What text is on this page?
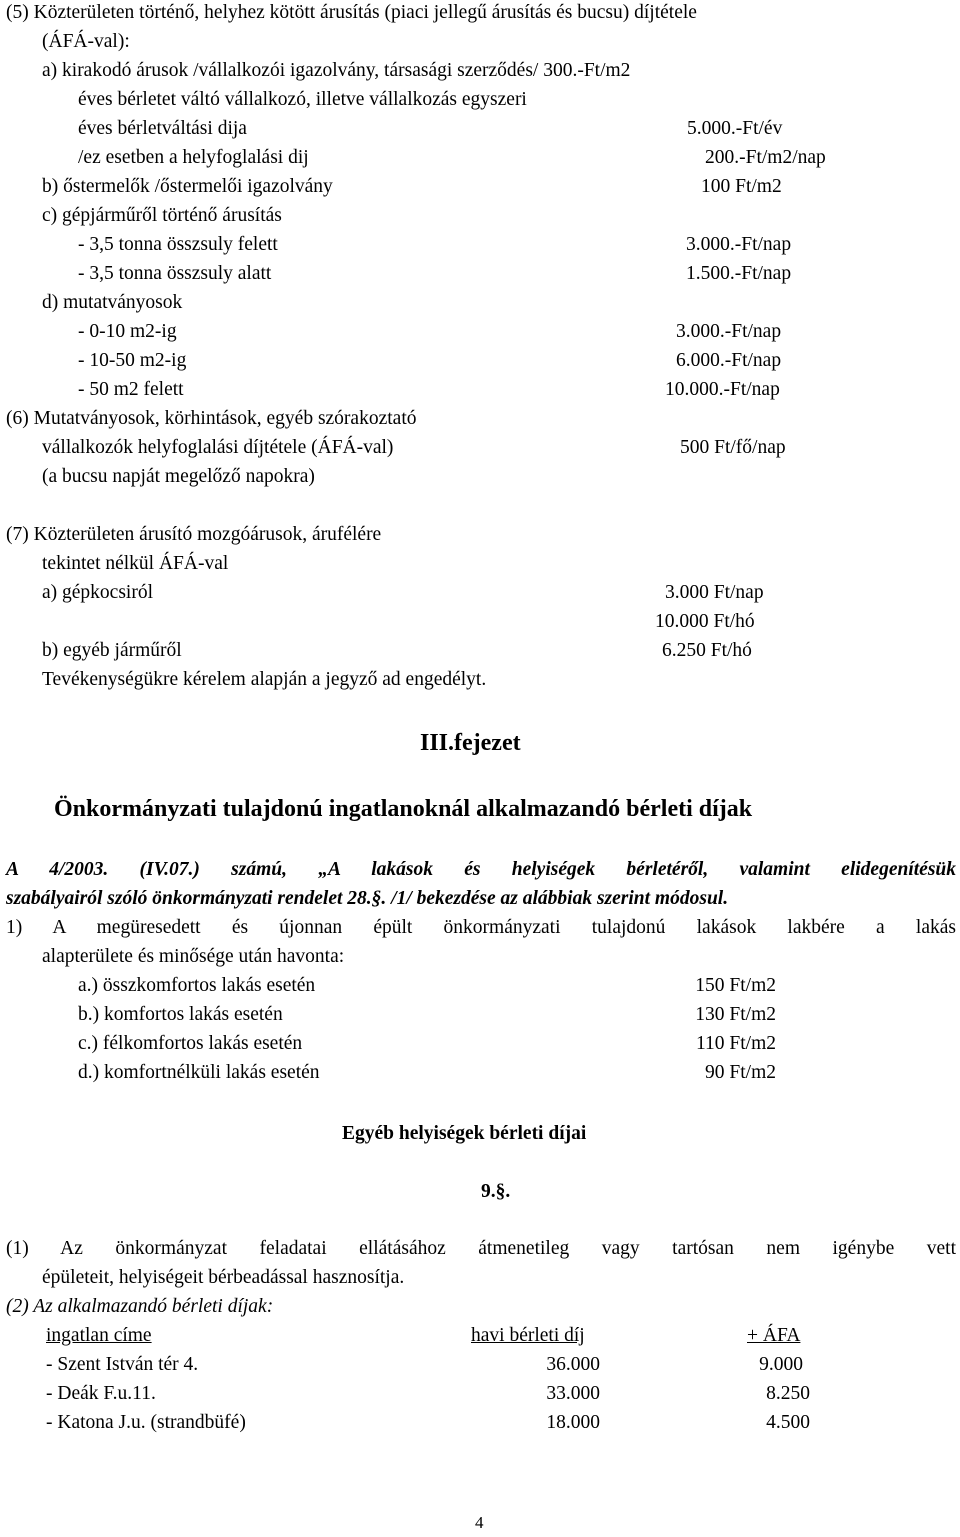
(5) Közterületen történő, helyhez kötött árusítás (piaci jellegű árusítás és bucsu) díjtétele
(ÁFÁ-val):
a) kirakodó árusok /vállalkozói igazolvány, társasági szerződés/ 300.-Ft/m2
éves bérletet váltó vállalkozó, illetve vállalkozás egyszeri
éves bérletváltási dija	5.000.-Ft/év
/ez esetben a helyfoglalási dij	200.-Ft/m2/nap
b) őstermelők /őstermelői igazolvány	100 Ft/m2
c) gépjárműről történő árusítás
- 3,5 tonna összsuly felett	3.000.-Ft/nap
- 3,5 tonna összsuly alatt	1.500.-Ft/nap
d) mutatványosok
- 0-10 m2-ig	3.000.-Ft/nap
- 10-50 m2-ig	6.000.-Ft/nap
- 50 m2 felett	10.000.-Ft/nap
(6) Mutatványosok, körhintások, egyéb szórakoztató
vállalkozók helyfoglalási díjtétele (ÁFÁ-val)	500 Ft/fő/nap
(a bucsu napját megelőző napokra)
(7) Közterületen árusító mozgóárusok, árufélére
tekintet nélkül ÁFÁ-val
a) gépkocsiról	3.000 Ft/nap
10.000 Ft/hó
b) egyéb járműről	6.250 Ft/hó
Tevékenységükre kérelem alapján a jegyző ad engedélyt.
III.fejezet
Önkormányzati tulajdonú ingatlanoknál alkalmazandó bérleti díjak
A 4/2003. (IV.07.) számú, „A lakások és helyiségek bérletéről, valamint elidegenítésük
szabályairól szóló önkormányzati rendelet 28.§. /1/ bekezdése az alábbiak szerint módosul.
1) A megüresedett és újonnan épült önkormányzati tulajdonú lakások lakbére a lakás
alapterülete és minősége után havonta:
a.) összkomfortos lakás esetén	150 Ft/m2
b.) komfortos lakás esetén	130 Ft/m2
c.) félkomfortos lakás esetén	110 Ft/m2
d.) komfortnélküli lakás esetén	90 Ft/m2
Egyéb helyiségek bérleti díjai
9.§.
(1) Az önkormányzat feladatai ellátásához átmenetileg vagy tartósan nem igénybe vett
épületeit, helyiségeit bérbeadással hasznosítja.
(2) Az alkalmazandó bérleti díjak:
ingatlan címe	havi bérleti díj	+ ÁFA
- Szent István tér 4.	36.000	9.000
- Deák F.u.11.	33.000	8.250
- Katona J.u. (strandbüfé)	18.000	4.500
4
